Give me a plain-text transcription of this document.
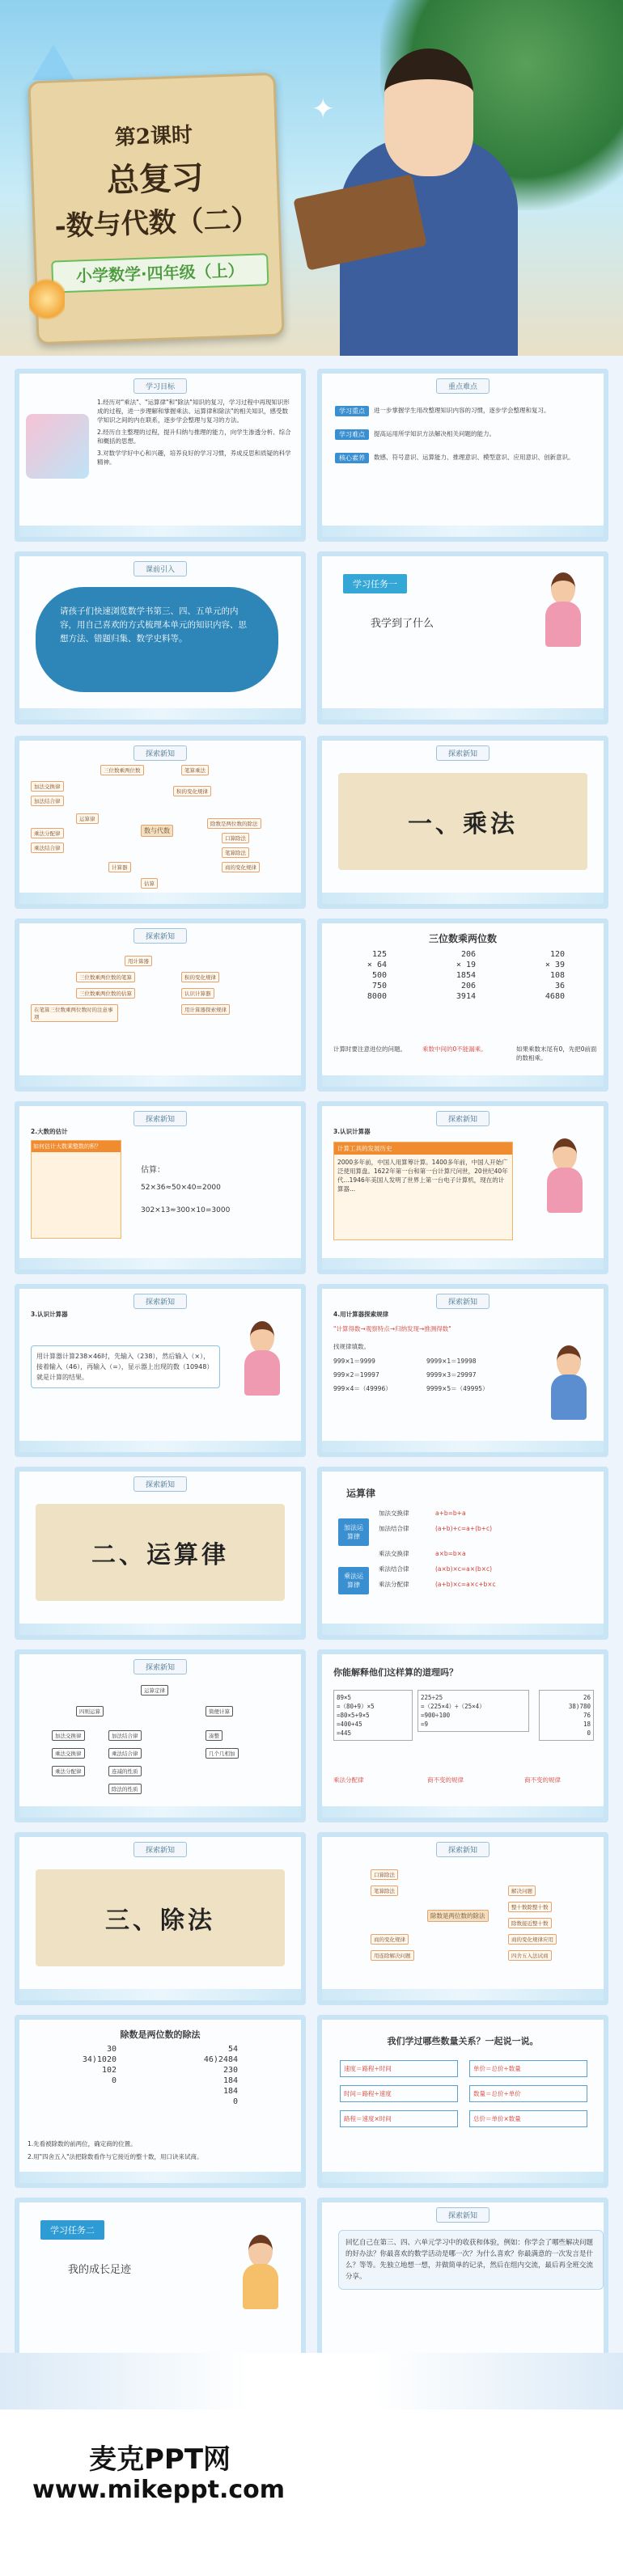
第2课时
总复习
-数与代数（二）
小学数学·四年级（上）
✦
学习目标
1.经历对"乘法"、"运算律"和"除法"知识的复习，学习过程中再现知识形成的过程，进一步理解和掌握乘法、运算律和除法"的相关知识，感受数学知识之间的内在联系，逐步学会整理与复习的方法。
2.经历自主整理的过程，提升归纳与推理的能力，向学生渗透分析、综合和概括的思想。
3.对数学学好中心和兴趣，培养良好的学习习惯，养成反思和质疑的科学精神。
重点难点
学习重点	进一步掌握学生用改整理知识内容的习惯，逐步学会整理和复习。
学习难点	提高运用所学知识方法解决相关问题的能力。
核心素养	数感、符号意识、运算能力、推理意识、模型意识、应用意识、创新意识。
课前引入
请孩子们快速浏览数学书第三、四、五单元的内容，用自己喜欢的方式梳理本单元的知识内容、思想方法、错题归集、数学史料等。
学习任务一
我学到了什么
探索新知
数与代数
三位数乘两位数	笔算乘法
积的变化规律
加法交换律
加法结合律
运算律
乘法分配律
乘法结合律
除数是两位数的除法
口算除法
笔算除法
商的变化规律
计算器
估算
探索新知
一、乘法
探索新知
用计算器
三位数乘两位数的笔算
三位数乘两位数的估算
积的变化规律
认识计算器
用计算器探索规律
在笔算三位数乘两位数时的注意事项
三位数乘两位数
125
× 64
500
750
8000
206
× 19
1854
206
3914
120
× 39
108
36
4680
计算时要注意进位的问题。	乘数中间的0不能漏乘。	如果乘数末尾有0，先把0前面的数相乘。
探索新知
2.大数的估计
如何估计大数乘整数的积？
估算：
52×36≈50×40=2000
302×13≈300×10=3000
探索新知
3.认识计算器
计算工具的发展历史
2000多年前，中国人用算筹计算。1400多年前，中国人开始广泛使用算盘。1622年第一台和第一台计算尺问世，20世纪40年代...1946年美国人发明了世界上第一台电子计算机，现在的计算器...
探索新知
3.认识计算器
用计算器计算238×46时，先输入（238），然后输入（×），接着输入（46），再输入（=），显示器上出现的数（10948）就是计算的结果。
探索新知
4.用计算器探索规律
"计算得数→观察特点→归纳发现→推测得数"
找规律填数。
999×1＝9999	9999×1＝19998
999×2＝19997	9999×3＝29997
999×4＝（49996）	9999×5＝（49995）
探索新知
二、运算律
运算律
加法运算律
乘法运算律
加法交换律	a+b=b+a
加法结合律	(a+b)+c=a+(b+c)
乘法交换律	a×b=b×a
乘法结合律	(a×b)×c=a×(b×c)
乘法分配律	(a+b)×c=a×c+b×c
探索新知
运算定律
四则运算	简便计算
加法交换律	加法结合律
乘法交换律	乘法结合律
乘法分配律	连减的性质
除法的性质
凑整
几个几相加
你能解释他们这样算的道理吗？
89×5
=（80+9）×5
=80×5+9×5
=400+45
=445
225÷25
=（225×4）÷（25×4）
=900÷100
=9
26
38)780
76
18
0
乘法分配律	商不变的规律	商不变的规律
探索新知
三、除法
探索新知
除数是两位数的除法
口算除法
笔算除法
商的变化规律
用连除解决问题
解决问题
整十数除整十数
除数接近整十数
商的变化规律应用
四舍五入法试商
除数是两位数的除法
30
34)1020
102
0
54
46)2484
230
184
184
0
1.先看被除数的前两位，确定商的位置。
2.用"四舍五入"法把除数看作与它接近的整十数，用口诀来试商。
我们学过哪些数量关系？一起说一说。
速度＝路程÷时间	单价＝总价÷数量
时间＝路程÷速度	数量＝总价÷单价
路程＝速度×时间	总价＝单价×数量
学习任务二
我的成长足迹
探索新知
回忆自己在第三、四、六单元学习中的收获和体验，例如：你学会了哪些解决问题的好办法？你最喜欢的数学活动是哪一次？为什么喜欢？你最满意的一次发言是什么？等等。先独立地想一想，并做简单的记录，然后在组内交流，最后再全班交流分享。
麦克PPT网
www.mikeppt.com
